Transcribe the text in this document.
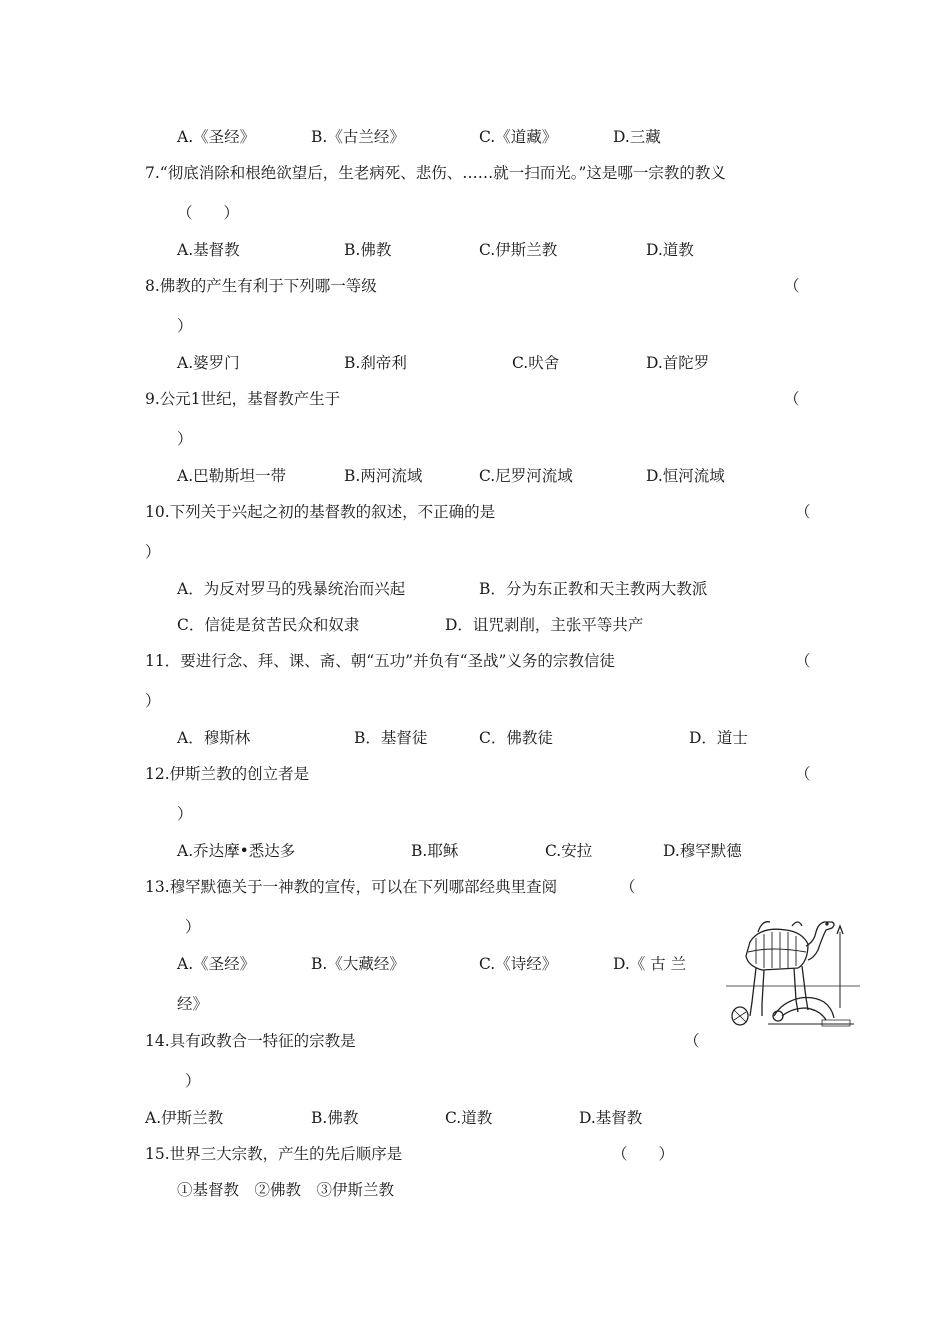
A.《圣经》	B.《古兰经》	C.《道藏》	D.三藏
7.“彻底消除和根绝欲望后，生老病死、悲伤、……就一扫而光。”这是哪一宗教的教义
（　　）
A.基督教	B.佛教	C.伊斯兰教	D.道教
8.佛教的产生有利于下列哪一等级	（
）
A.婆罗门	B.刹帝利	C.吠舍	D.首陀罗
9.公元1世纪，基督教产生于	（
）
A.巴勒斯坦一带	B.两河流域	C.尼罗河流域	D.恒河流域
10.下列关于兴起之初的基督教的叙述，不正确的是	（
）
A．为反对罗马的残暴统治而兴起	B．分为东正教和天主教两大教派
C．信徒是贫苦民众和奴隶	D．诅咒剥削，主张平等共产
11．要进行念、拜、课、斋、朝“五功”并负有“圣战”义务的宗教信徒	（
）
A．穆斯林	B．基督徒	C．佛教徒	D．道士
12.伊斯兰教的创立者是	（
）
A.乔达摩•悉达多	B.耶稣	C.安拉	D.穆罕默德
13.穆罕默德关于一神教的宣传，可以在下列哪部经典里查阅	（
）
A.《圣经》	B.《大藏经》	C.《诗经》	D.《 古 兰
经》
14.具有政教合一特征的宗教是	（
）
A.伊斯兰教	B.佛教	C.道教	D.基督教
15.世界三大宗教，产生的先后顺序是	（　　）
①基督教　②佛教　③伊斯兰教
